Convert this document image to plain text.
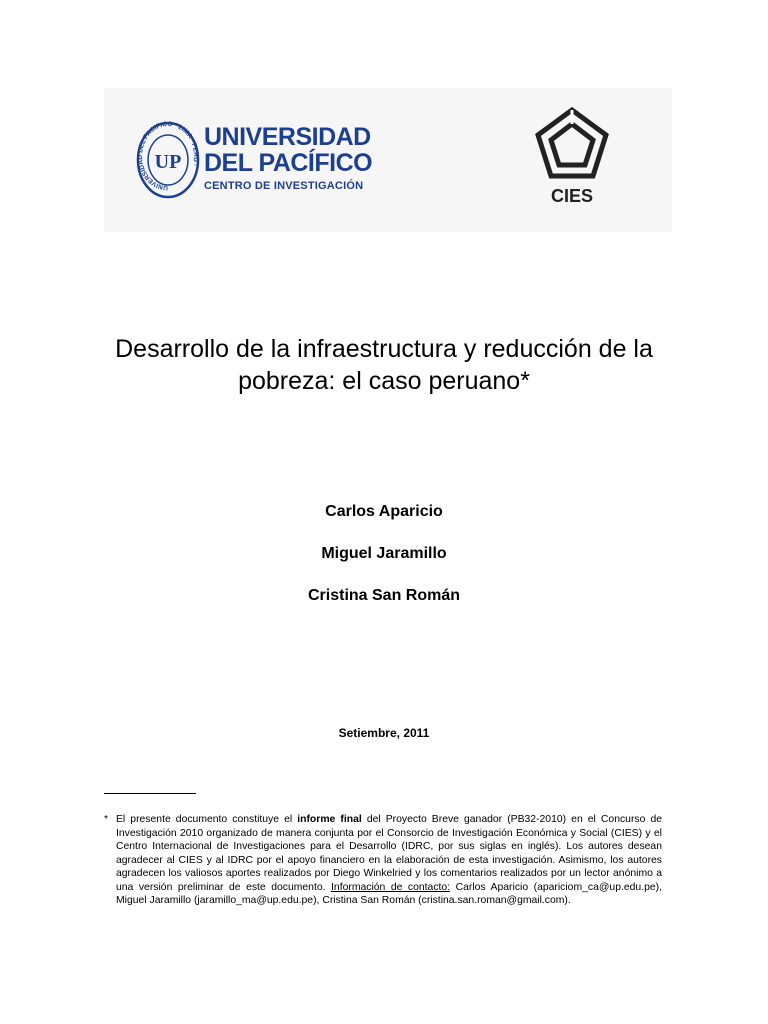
UNIVERSIDAD DEL PACIFICO · LIMA - PERU ·
UP
UNIVERSIDAD
DEL PACÍFICO
CENTRO DE INVESTIGACIÓN	CIES
Desarrollo de la infraestructura y reducción de la pobreza: el caso peruano*
Carlos Aparicio
Miguel Jaramillo
Cristina San Román
Setiembre, 2011
* El presente documento constituye el informe final del Proyecto Breve ganador (PB32-2010) en el Concurso de Investigación 2010 organizado de manera conjunta por el Consorcio de Investigación Económica y Social (CIES) y el Centro Internacional de Investigaciones para el Desarrollo (IDRC, por sus siglas en inglés). Los autores desean agradecer al CIES y al IDRC por el apoyo financiero en la elaboración de esta investigación. Asimismo, los autores agradecen los valiosos aportes realizados por Diego Winkelried y los comentarios realizados por un lector anónimo a una versión preliminar de este documento. Información de contacto: Carlos Aparicio (apariciom_ca@up.edu.pe), Miguel Jaramillo (jaramillo_ma@up.edu.pe), Cristina San Román (cristina.san.roman@gmail.com).
